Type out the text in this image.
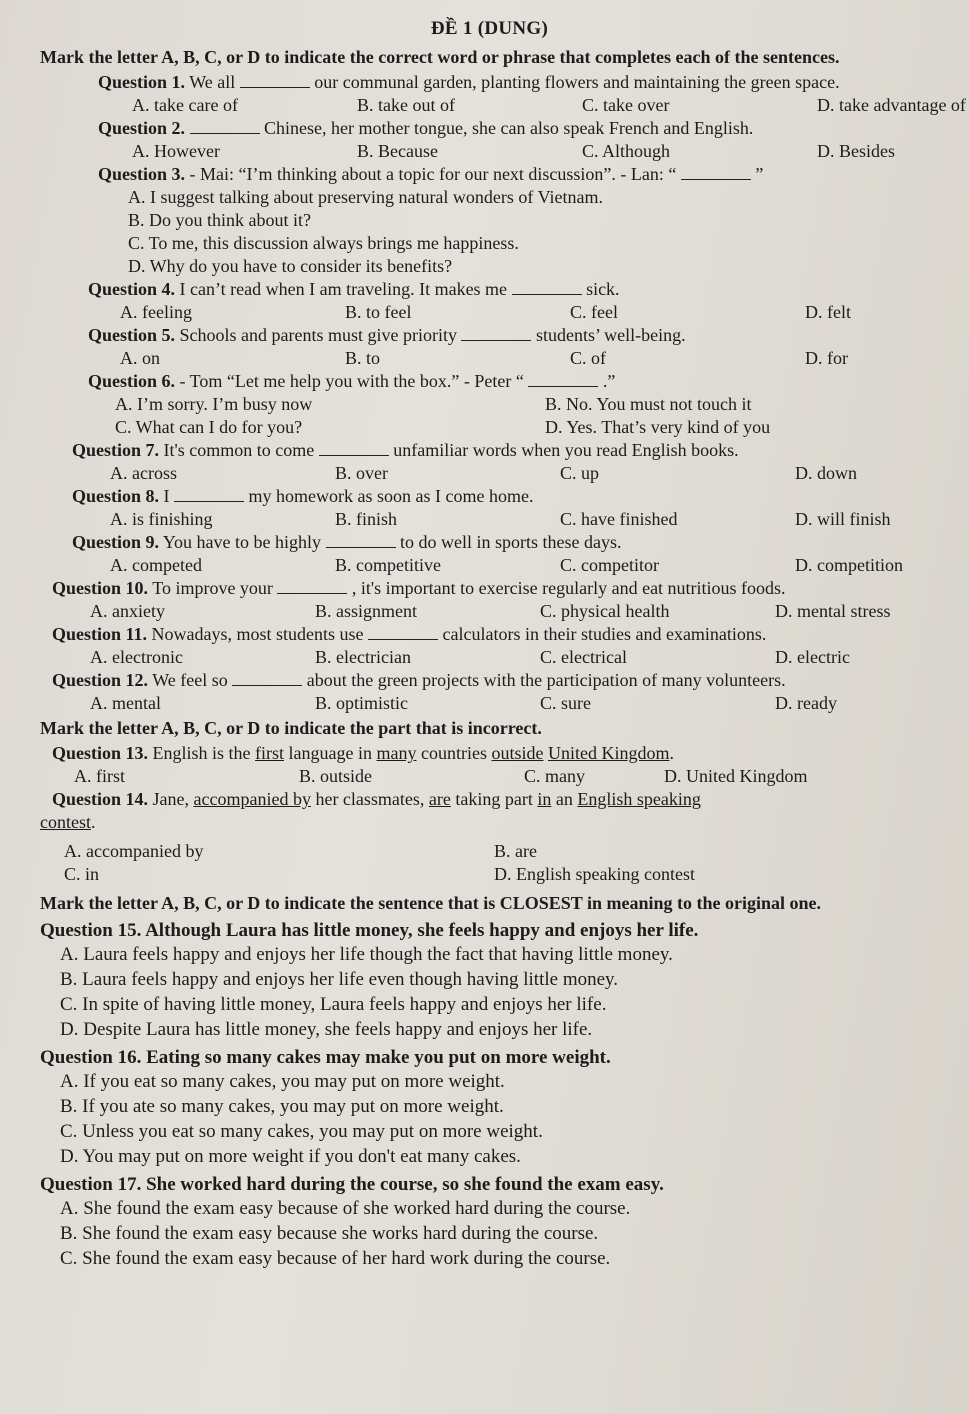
ĐỀ 1 (DUNG)
Mark the letter A, B, C, or D to indicate the correct word or phrase that completes each of the sentences.
Question 1. We all	our communal garden, planting flowers and maintaining the green space.
A. take care of	B. take out of	C. take over	D. take advantage of
Question 2.	Chinese, her mother tongue, she can also speak French and English.
A. However	B. Because	C. Although	D. Besides
Question 3. - Mai: “I’m thinking about a topic for our next discussion”. - Lan: “	”
A. I suggest talking about preserving natural wonders of Vietnam.
B. Do you think about it?
C. To me, this discussion always brings me happiness.
D. Why do you have to consider its benefits?
Question 4. I can’t read when I am traveling. It makes me	sick.
A. feeling	B. to feel	C. feel	D. felt
Question 5. Schools and parents must give priority	students’ well-being.
A. on	B. to	C. of	D. for
Question 6. - Tom “Let me help you with the box.” - Peter “	.”
A. I’m sorry. I’m busy now	B. No. You must not touch it
C. What can I do for you?	D. Yes. That’s very kind of you
Question 7. It's common to come	unfamiliar words when you read English books.
A. across	B. over	C. up	D. down
Question 8. I	my homework as soon as I come home.
A. is finishing	B. finish	C. have finished	D. will finish
Question 9. You have to be highly	to do well in sports these days.
A. competed	B. competitive	C. competitor	D. competition
Question 10. To improve your	, it's important to exercise regularly and eat nutritious foods.
A. anxiety	B. assignment	C. physical health	D. mental stress
Question 11. Nowadays, most students use	calculators in their studies and examinations.
A. electronic	B. electrician	C. electrical	D. electric
Question 12. We feel so	about the green projects with the participation of many volunteers.
A. mental	B. optimistic	C. sure	D. ready
Mark the letter A, B, C, or D to indicate the part that is incorrect.
Question 13. English is the first language in many countries outside United Kingdom.
A. first	B. outside	C. many	D. United Kingdom
Question 14. Jane, accompanied by her classmates, are taking part in an English speaking
contest.
A. accompanied by	B. are
C. in	D. English speaking contest
Mark the letter A, B, C, or D to indicate the sentence that is CLOSEST in meaning to the original one.
Question 15. Although Laura has little money, she feels happy and enjoys her life.
A. Laura feels happy and enjoys her life though the fact that having little money.
B. Laura feels happy and enjoys her life even though having little money.
C. In spite of having little money, Laura feels happy and enjoys her life.
D. Despite Laura has little money, she feels happy and enjoys her life.
Question 16. Eating so many cakes may make you put on more weight.
A. If you eat so many cakes, you may put on more weight.
B. If you ate so many cakes, you may put on more weight.
C. Unless you eat so many cakes, you may put on more weight.
D. You may put on more weight if you don't eat many cakes.
Question 17. She worked hard during the course, so she found the exam easy.
A. She found the exam easy because of she worked hard during the course.
B. She found the exam easy because she works hard during the course.
C. She found the exam easy because of her hard work during the course.
